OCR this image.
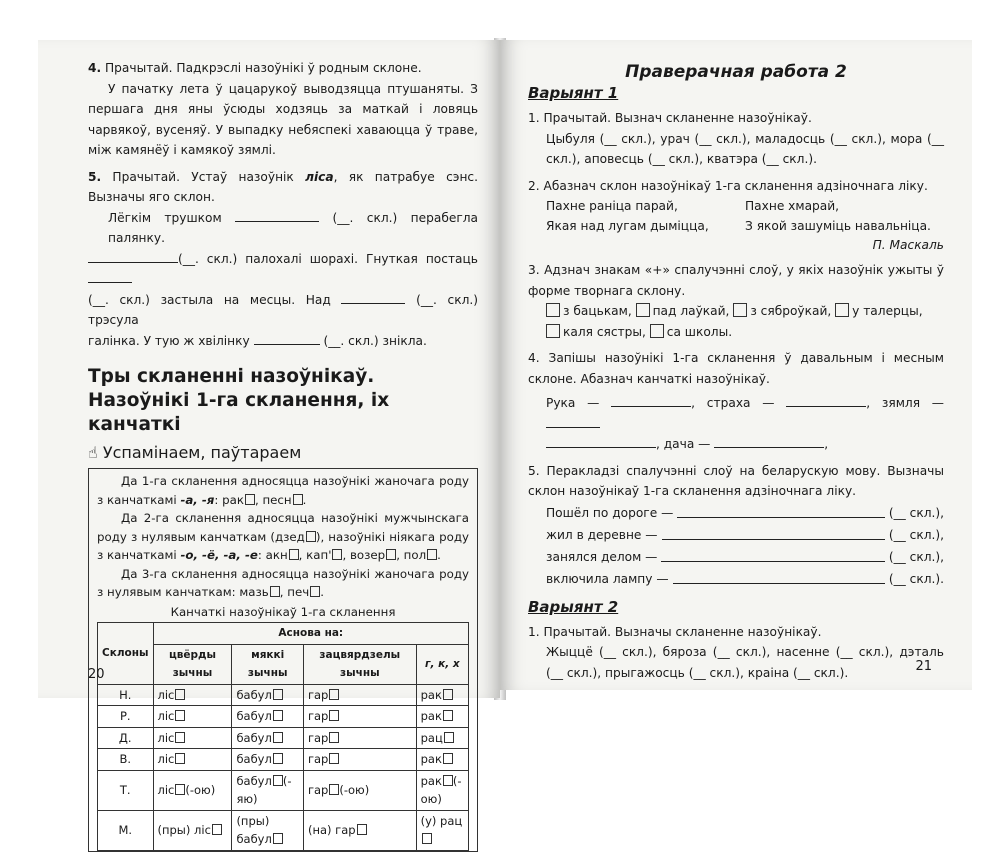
4. Прачытай. Падкрэслі назоўнікі ў родным склоне.

У пачатку лета ў цацарукоў выводзяцца птушаняты. З першага дня яны ўсюды ходзяць за маткай і ловяць чарвякоў, вусеняў. У выпадку небяспекі хаваюцца ў траве, між камянёў і камякоў зямлі.

5. Прачытай. Устаў назоўнік ліса, як патрабуе сэнс. Вызначы яго склон.

Лёгкім трушком	(__. скл.) перабегла палянку.

(__. скл.) палохалі шорахі. Гнуткая постаць

(__. скл.) застыла на месцы. Над	(__. скл.) трэсула

галінка. У тую ж хвілінку	(__. скл.) знікла.

Тры скланенні назоўнікаў. Назоўнікі 1-га скланення, іх канчаткі
☝ Успамінаем, паўтараем

Да 1-га скланення адносяцца назоўнікі жаночага роду з канчаткамі -а, -я: рак , песн .

Да 2-га скланення адносяцца назоўнікі мужчынскага роду з нулявым канчаткам (дзед ), назоўнікі ніякага роду з канчаткамі -о, -ё, -а, -е: акн , кап' , возер , пол .

Да 3-га скланення адносяцца назоўнікі жаночага роду з нулявым канчаткам: мазь , печ .

Канчаткі назоўнікаў 1-га скланення
Склоны	Аснова на:			
	цвёрды зычны	мяккі зычны	зацвярдзелы зычны	г, к, х
Н.	ліс	бабул	гар	рак
Р.	ліс	бабул	гар	рак
Д.	ліс	бабул	гар	рац
В.	ліс	бабул	гар	рак
Т.	ліс (-ою)	бабул (-яю)	гар (-ою)	рак (-ою)
М.	(пры) ліс	(пры) бабул	(на) гар	(у) рац
20
Праверачная работа 2
Варыянт 1

1. Прачытай. Вызнач скланенне назоўнікаў.

Цыбуля (__ скл.), урач (__ скл.), маладосць (__ скл.), мора (__ скл.), аповесць (__ скл.), кватэра (__ скл.).

2. Абазнач склон назоўнікаў 1-га скланення адзіночнага ліку.

Пахне раніца парай,
Якая над лугам дыміцца,
Пахне хмарай,
З якой зашуміць навальніца.
П. Маскаль

3. Адзнач знакам «+» спалучэнні слоў, у якіх назоўнік ужыты ў форме творнага склону.

з бацькам, пад лаўкай, з сяброўкай, у талерцы,

каля сястры, са школы.

4. Запішы назоўнікі 1-га скланення ў давальным і месным склоне. Абазнач канчаткі назоўнікаў.

Рука —	, страха —	, зямля —

, дача —	,

5. Перакладзі спалучэнні слоў на беларускую мову. Вызначы склон назоўнікаў 1-га скланення адзіночнага ліку.

Пошёл по дороге —	(__ скл.),
жил в деревне —	(__ скл.),
занялся делом —	(__ скл.),
включила лампу —	(__ скл.).
Варыянт 2

1. Прачытай. Вызначы скланенне назоўнікаў.

Жыццё (__ скл.), бяроза (__ скл.), насенне (__ скл.), дэталь (__ скл.), прыгажосць (__ скл.), краіна (__ скл.).	21
